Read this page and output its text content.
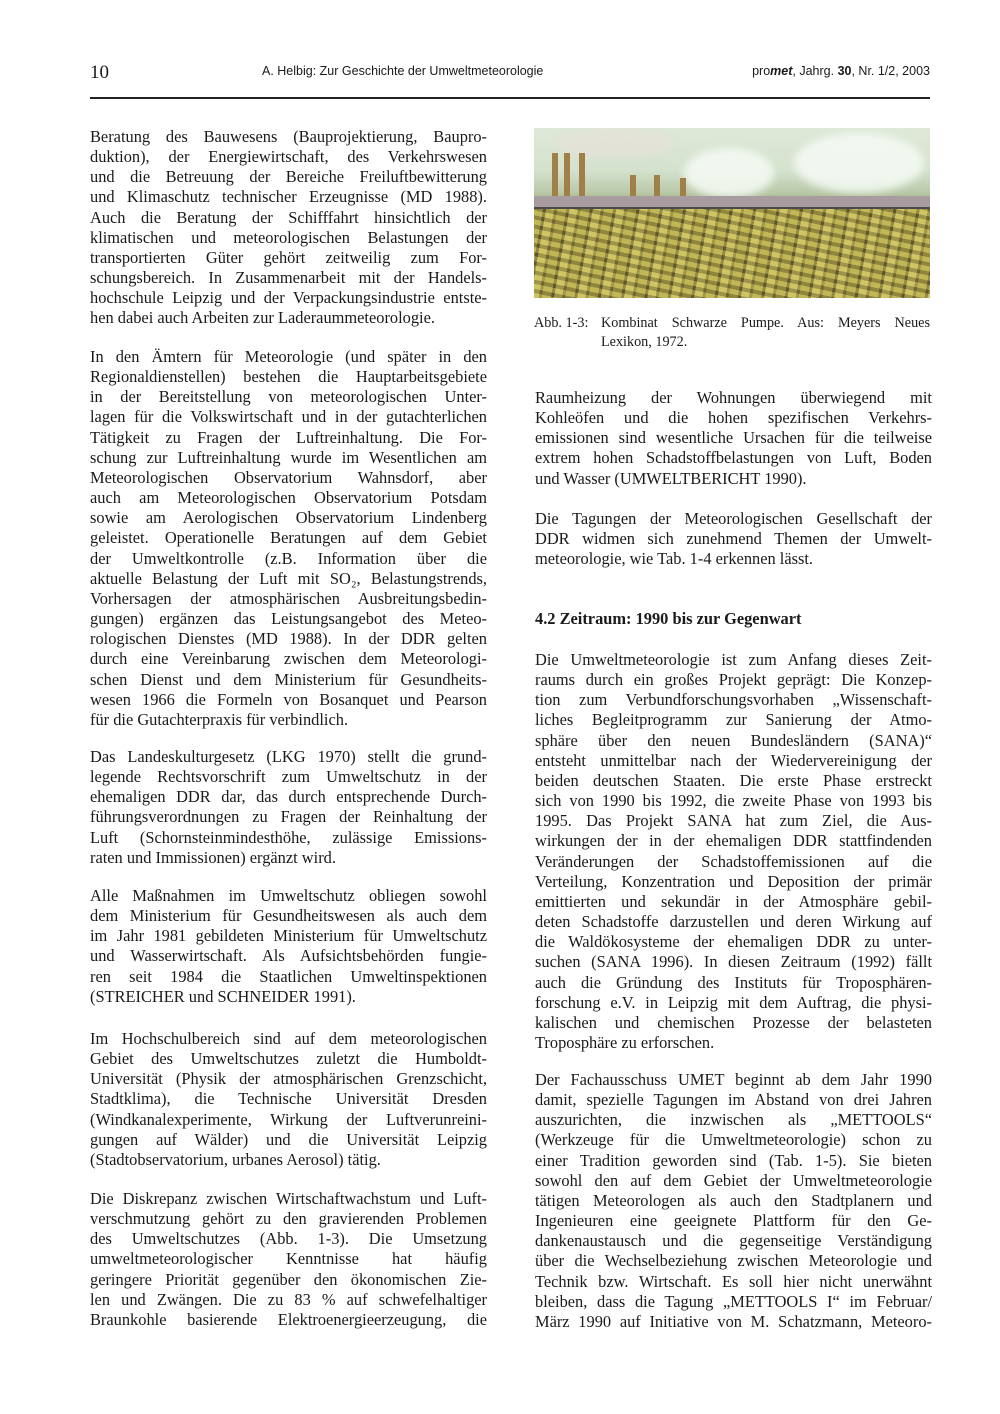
10	A. Helbig: Zur Geschichte der Umweltmeteorologie	promet, Jahrg. 30, Nr. 1/2, 2003
Abb. 1-3: Kombinat Schwarze Pumpe. Aus: Meyers Neues
Lexikon, 1972.
4.2 Zeitraum: 1990 bis zur Gegenwart
Beratung des Bauwesens (Bauprojektierung, Baupro-
duktion), der Energiewirtschaft, des Verkehrswesen
und die Betreuung der Bereiche Freiluftbewitterung
und Klimaschutz technischer Erzeugnisse (MD 1988).
Auch die Beratung der Schifffahrt hinsichtlich der
klimatischen und meteorologischen Belastungen der
transportierten Güter gehört zeitweilig zum For-
schungsbereich. In Zusammenarbeit mit der Handels-
hochschule Leipzig und der Verpackungsindustrie entste-
hen dabei auch Arbeiten zur Laderaummeteorologie.
In den Ämtern für Meteorologie (und später in den
Regionaldienstellen) bestehen die Hauptarbeitsgebiete
in der Bereitstellung von meteorologischen Unter-
lagen für die Volkswirtschaft und in der gutachterlichen
Tätigkeit zu Fragen der Luftreinhaltung. Die For-
schung zur Luftreinhaltung wurde im Wesentlichen am
Meteorologischen Observatorium Wahnsdorf, aber
auch am Meteorologischen Observatorium Potsdam
sowie am Aerologischen Observatorium Lindenberg
geleistet. Operationelle Beratungen auf dem Gebiet
der Umweltkontrolle (z.B. Information über die
aktuelle Belastung der Luft mit SO₂, Belastungstrends,
Vorhersagen der atmosphärischen Ausbreitungsbedin-
gungen) ergänzen das Leistungsangebot des Meteo-
rologischen Dienstes (MD 1988). In der DDR gelten
durch eine Vereinbarung zwischen dem Meteorologi-
schen Dienst und dem Ministerium für Gesundheits-
wesen 1966 die Formeln von Bosanquet und Pearson
für die Gutachterpraxis für verbindlich.
Das Landeskulturgesetz (LKG 1970) stellt die grund-
legende Rechtsvorschrift zum Umweltschutz in der
ehemaligen DDR dar, das durch entsprechende Durch-
führungsverordnungen zu Fragen der Reinhaltung der
Luft (Schornsteinmindesthöhe, zulässige Emissions-
raten und Immissionen) ergänzt wird.
Alle Maßnahmen im Umweltschutz obliegen sowohl
dem Ministerium für Gesundheitswesen als auch dem
im Jahr 1981 gebildeten Ministerium für Umweltschutz
und Wasserwirtschaft. Als Aufsichtsbehörden fungie-
ren seit 1984 die Staatlichen Umweltinspektionen
(STREICHER und SCHNEIDER 1991).
Im Hochschulbereich sind auf dem meteorologischen
Gebiet des Umweltschutzes zuletzt die Humboldt-
Universität (Physik der atmosphärischen Grenzschicht,
Stadtklima), die Technische Universität Dresden
(Windkanalexperimente, Wirkung der Luftverunreini-
gungen auf Wälder) und die Universität Leipzig
(Stadtobservatorium, urbanes Aerosol) tätig.
Die Diskrepanz zwischen Wirtschaftwachstum und Luft-
verschmutzung gehört zu den gravierenden Problemen
des Umweltschutzes (Abb. 1-3). Die Umsetzung
umweltmeteorologischer Kenntnisse hat häufig
geringere Priorität gegenüber den ökonomischen Zie-
len und Zwängen. Die zu 83 % auf schwefelhaltiger
Braunkohle basierende Elektroenergieerzeugung, die
Raumheizung der Wohnungen überwiegend mit
Kohleöfen und die hohen spezifischen Verkehrs-
emissionen sind wesentliche Ursachen für die teilweise
extrem hohen Schadstoffbelastungen von Luft, Boden
und Wasser (UMWELTBERICHT 1990).
Die Tagungen der Meteorologischen Gesellschaft der
DDR widmen sich zunehmend Themen der Umwelt-
meteorologie, wie Tab. 1-4 erkennen lässt.
Die Umweltmeteorologie ist zum Anfang dieses Zeit-
raums durch ein großes Projekt geprägt: Die Konzep-
tion zum Verbundforschungsvorhaben „Wissenschaft-
liches Begleitprogramm zur Sanierung der Atmo-
sphäre über den neuen Bundesländern (SANA)“
entsteht unmittelbar nach der Wiedervereinigung der
beiden deutschen Staaten. Die erste Phase erstreckt
sich von 1990 bis 1992, die zweite Phase von 1993 bis
1995. Das Projekt SANA hat zum Ziel, die Aus-
wirkungen der in der ehemaligen DDR stattfindenden
Veränderungen der Schadstoffemissionen auf die
Verteilung, Konzentration und Deposition der primär
emittierten und sekundär in der Atmosphäre gebil-
deten Schadstoffe darzustellen und deren Wirkung auf
die Waldökosysteme der ehemaligen DDR zu unter-
suchen (SANA 1996). In diesen Zeitraum (1992) fällt
auch die Gründung des Instituts für Troposphären-
forschung e.V. in Leipzig mit dem Auftrag, die physi-
kalischen und chemischen Prozesse der belasteten
Troposphäre zu erforschen.
Der Fachausschuss UMET beginnt ab dem Jahr 1990
damit, spezielle Tagungen im Abstand von drei Jahren
auszurichten, die inzwischen als „METTOOLS“
(Werkzeuge für die Umweltmeteorologie) schon zu
einer Tradition geworden sind (Tab. 1-5). Sie bieten
sowohl den auf dem Gebiet der Umweltmeteorologie
tätigen Meteorologen als auch den Stadtplanern und
Ingenieuren eine geeignete Plattform für den Ge-
dankenaustausch und die gegenseitige Verständigung
über die Wechselbeziehung zwischen Meteorologie und
Technik bzw. Wirtschaft. Es soll hier nicht unerwähnt
bleiben, dass die Tagung „METTOOLS I“ im Februar/
März 1990 auf Initiative von M. Schatzmann, Meteoro-
